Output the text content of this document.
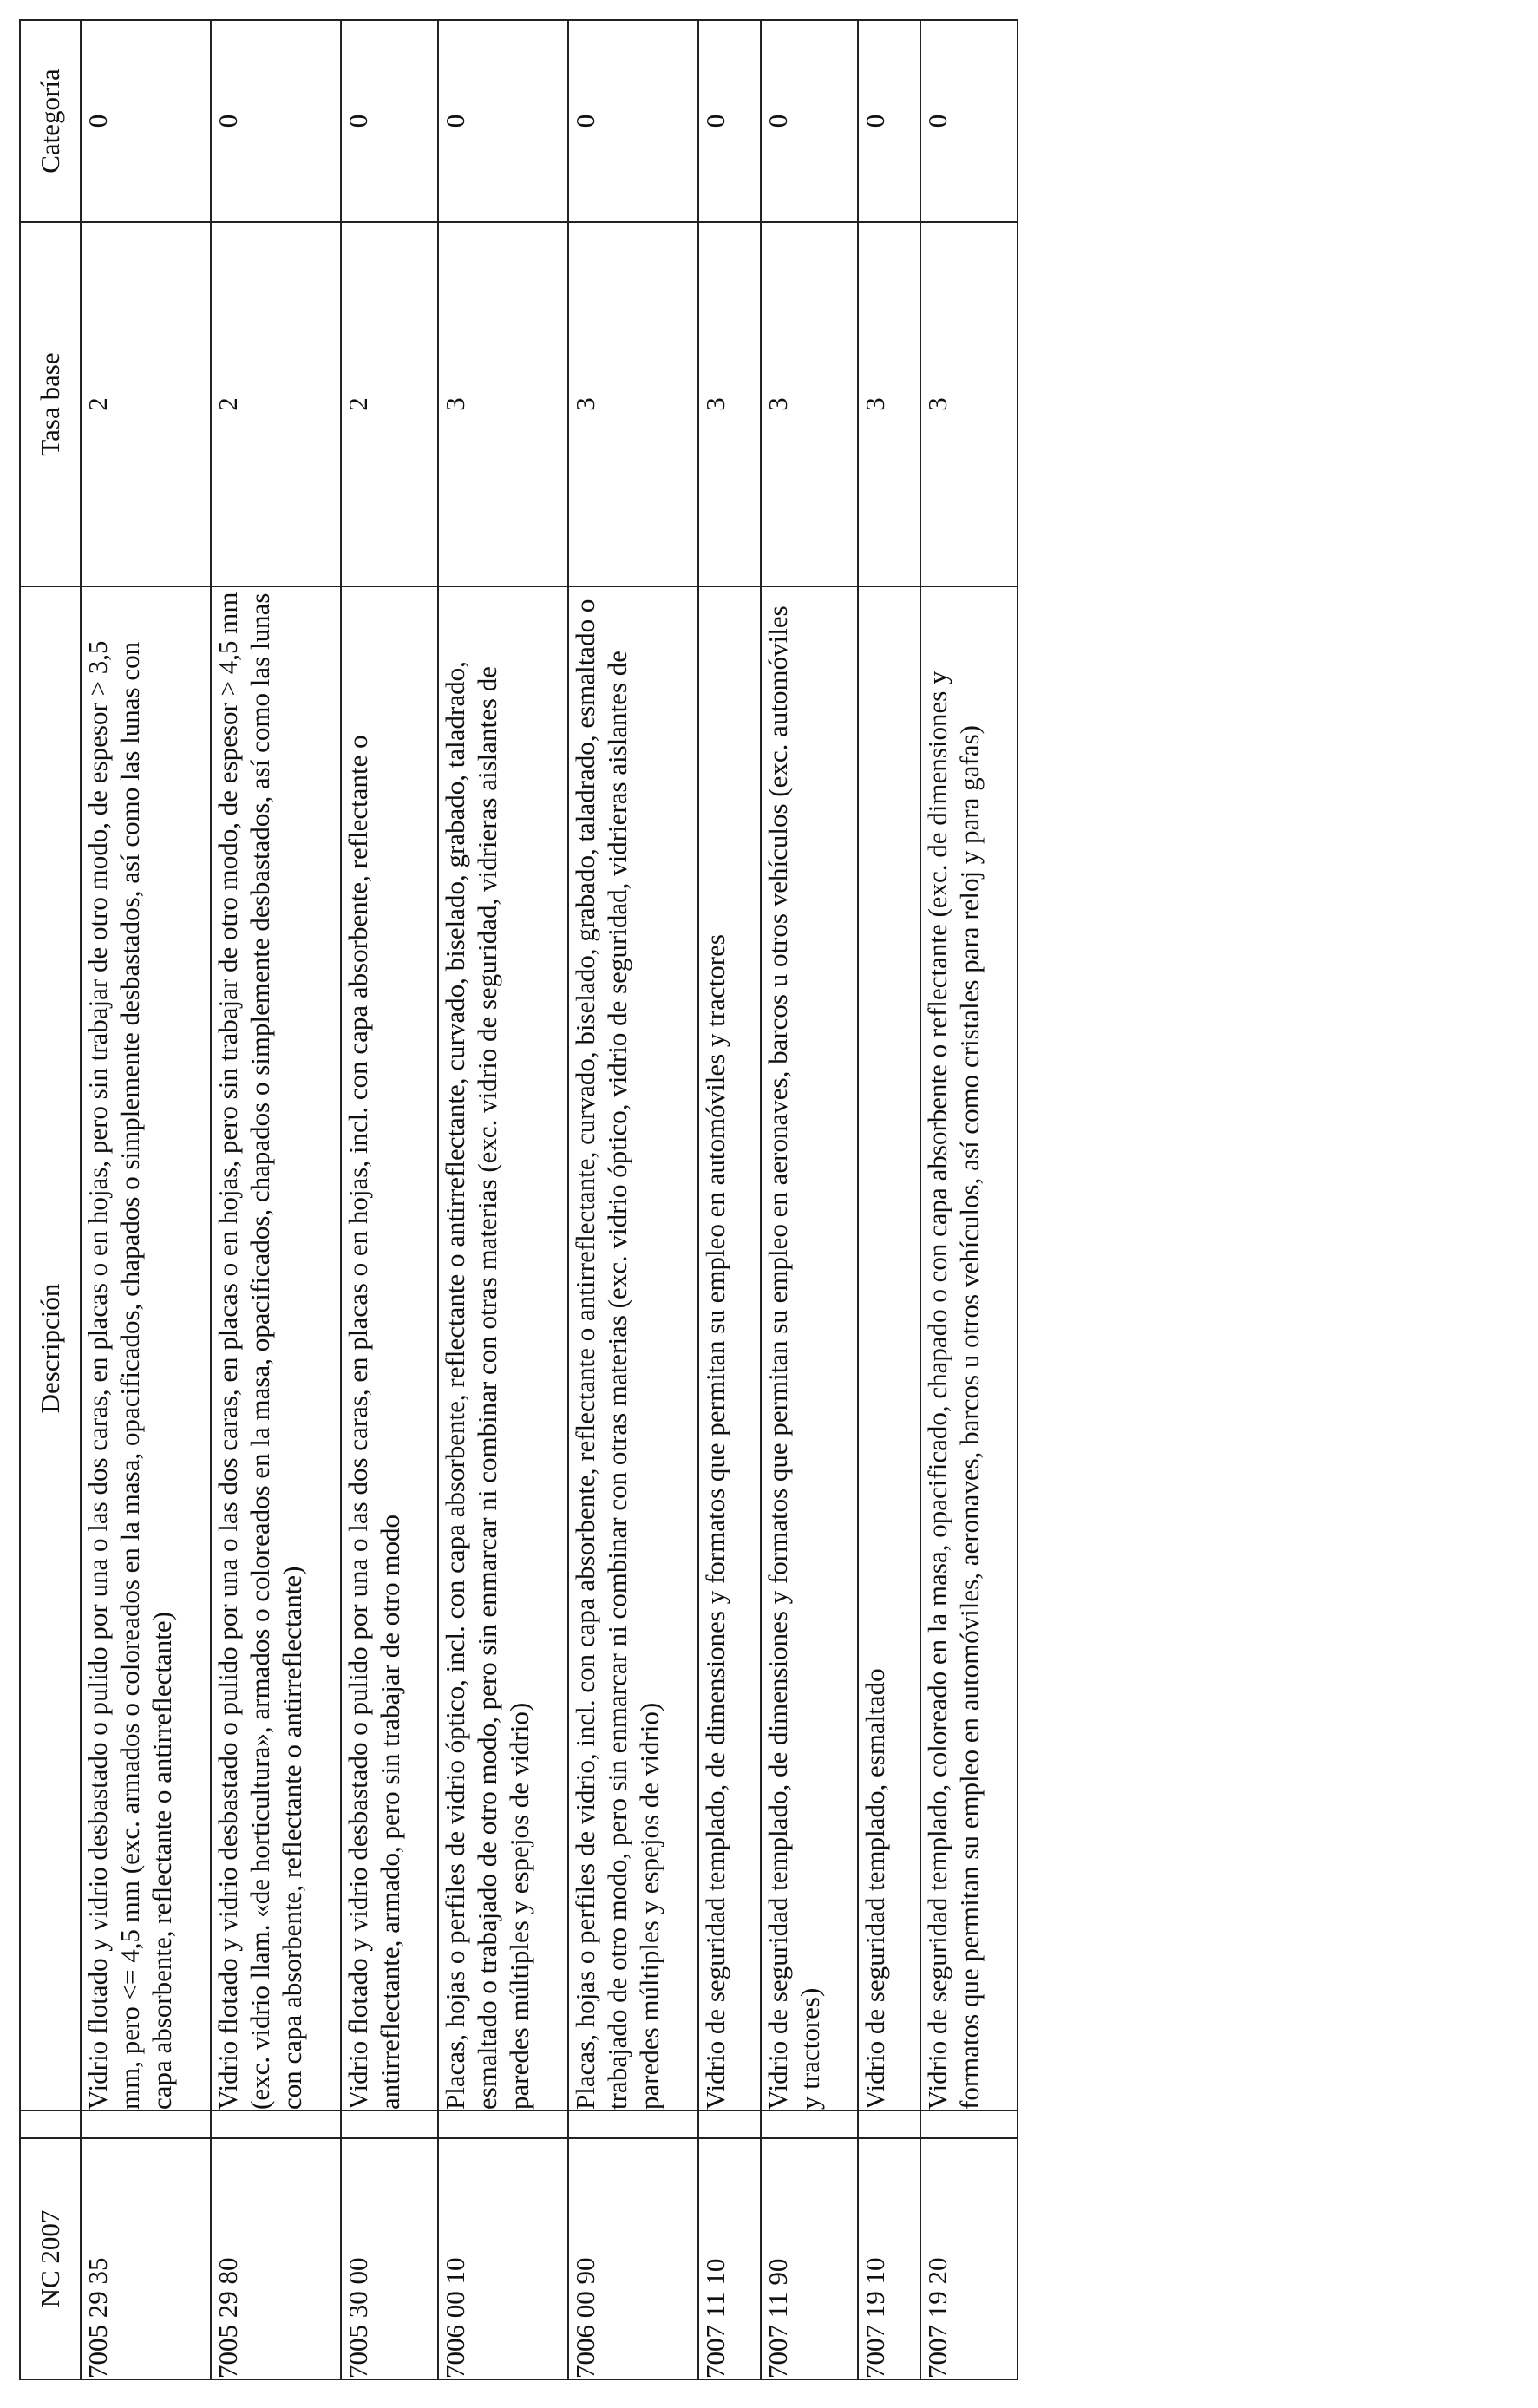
NC 2007		Descripción	Tasa base	Categoría
7005 29 35		Vidrio flotado y vidrio desbastado o pulido por una o las dos caras, en placas o en hojas, pero sin trabajar de otro modo, de espesor > 3,5 mm, pero <= 4,5 mm (exc. armados o coloreados en la masa, opacificados, chapados o simplemente desbastados, así como las lunas con capa absorbente, reflectante o antirreflectante)	2	0
7005 29 80		Vidrio flotado y vidrio desbastado o pulido por una o las dos caras, en placas o en hojas, pero sin trabajar de otro modo, de espesor > 4,5 mm (exc. vidrio llam. «de horticultura», armados o coloreados en la masa, opacificados, chapados o simplemente desbastados, así como las lunas con capa absorbente, reflectante o antirreflectante)	2	0
7005 30 00		Vidrio flotado y vidrio desbastado o pulido por una o las dos caras, en placas o en hojas, incl. con capa absorbente, reflectante o antirreflectante, armado, pero sin trabajar de otro modo	2	0
7006 00 10		Placas, hojas o perfiles de vidrio óptico, incl. con capa absorbente, reflectante o antirreflectante, curvado, biselado, grabado, taladrado, esmaltado o trabajado de otro modo, pero sin enmarcar ni combinar con otras materias (exc. vidrio de seguridad, vidrieras aislantes de paredes múltiples y espejos de vidrio)	3	0
7006 00 90		Placas, hojas o perfiles de vidrio, incl. con capa absorbente, reflectante o antirreflectante, curvado, biselado, grabado, taladrado, esmaltado o trabajado de otro modo, pero sin enmarcar ni combinar con otras materias (exc. vidrio óptico, vidrio de seguridad, vidrieras aislantes de paredes múltiples y espejos de vidrio)	3	0
7007 11 10		Vidrio de seguridad templado, de dimensiones y formatos que permitan su empleo en automóviles y tractores	3	0
7007 11 90		Vidrio de seguridad templado, de dimensiones y formatos que permitan su empleo en aeronaves, barcos u otros vehículos (exc. automóviles y tractores)	3	0
7007 19 10		Vidrio de seguridad templado, esmaltado	3	0
7007 19 20		Vidrio de seguridad templado, coloreado en la masa, opacificado, chapado o con capa absorbente o reflectante (exc. de dimensiones y formatos que permitan su empleo en automóviles, aeronaves, barcos u otros vehículos, así como cristales para reloj y para gafas)	3	0
